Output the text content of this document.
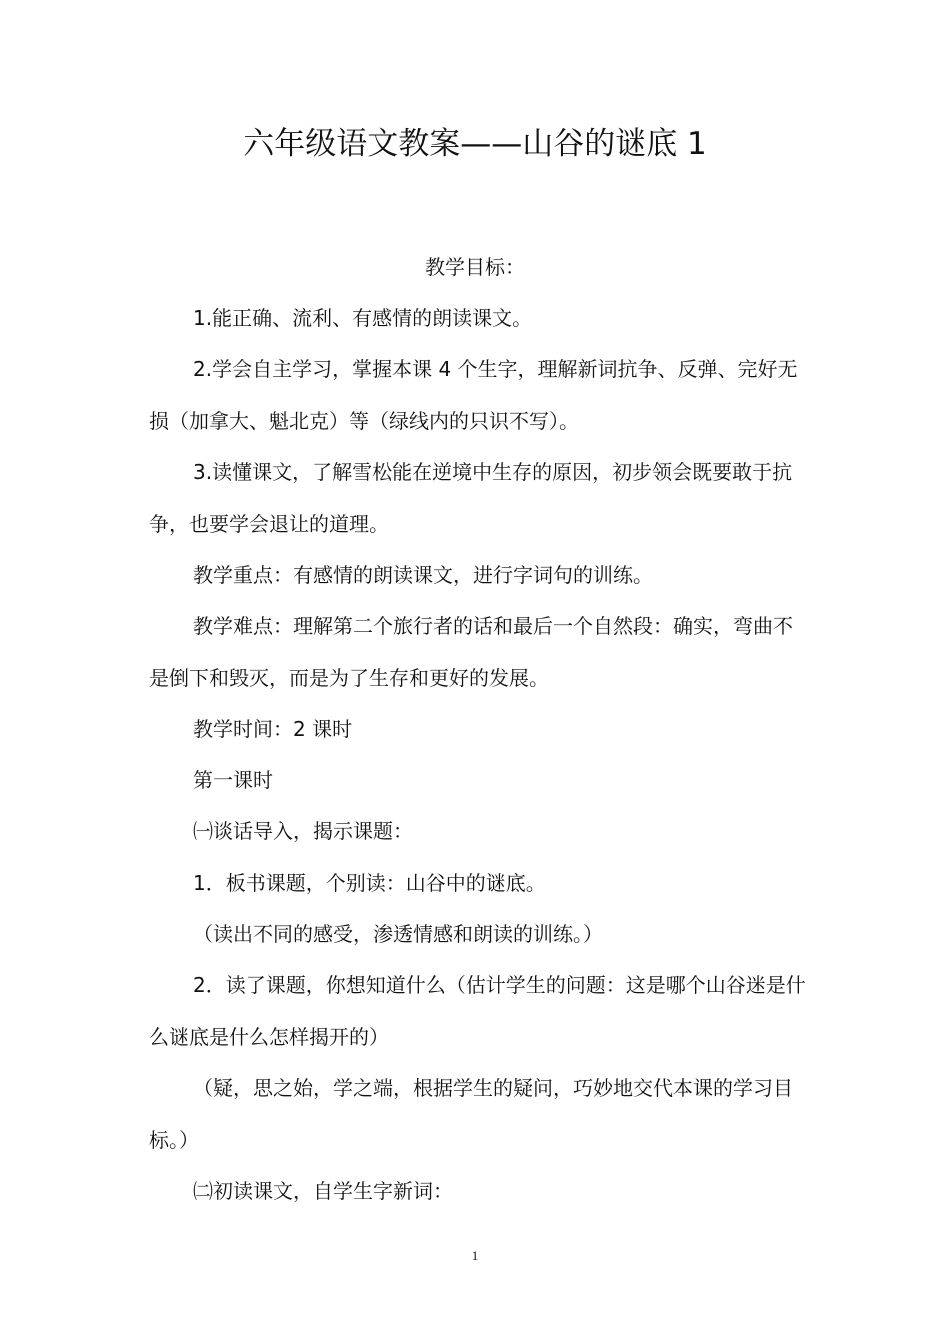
六年级语文教案——山谷的谜底 1

教学目标：

1.能正确、流利、有感情的朗读课文。

2.学会自主学习，掌握本课 4 个生字，理解新词抗争、反弹、完好无损（加拿大、魁北克）等（绿线内的只识不写）。

3.读懂课文，了解雪松能在逆境中生存的原因，初步领会既要敢于抗争，也要学会退让的道理。

教学重点：有感情的朗读课文，进行字词句的训练。

教学难点：理解第二个旅行者的话和最后一个自然段：确实，弯曲不是倒下和毁灭，而是为了生存和更好的发展。

教学时间：2 课时

第一课时

㈠谈话导入，揭示课题：

1．板书课题，个别读：山谷中的谜底。

（读出不同的感受，渗透情感和朗读的训练。）

2．读了课题，你想知道什么（估计学生的问题：这是哪个山谷迷是什么谜底是什么怎样揭开的）

（疑，思之始，学之端，根据学生的疑问，巧妙地交代本课的学习目标。）

㈡初读课文，自学生字新词：

1
